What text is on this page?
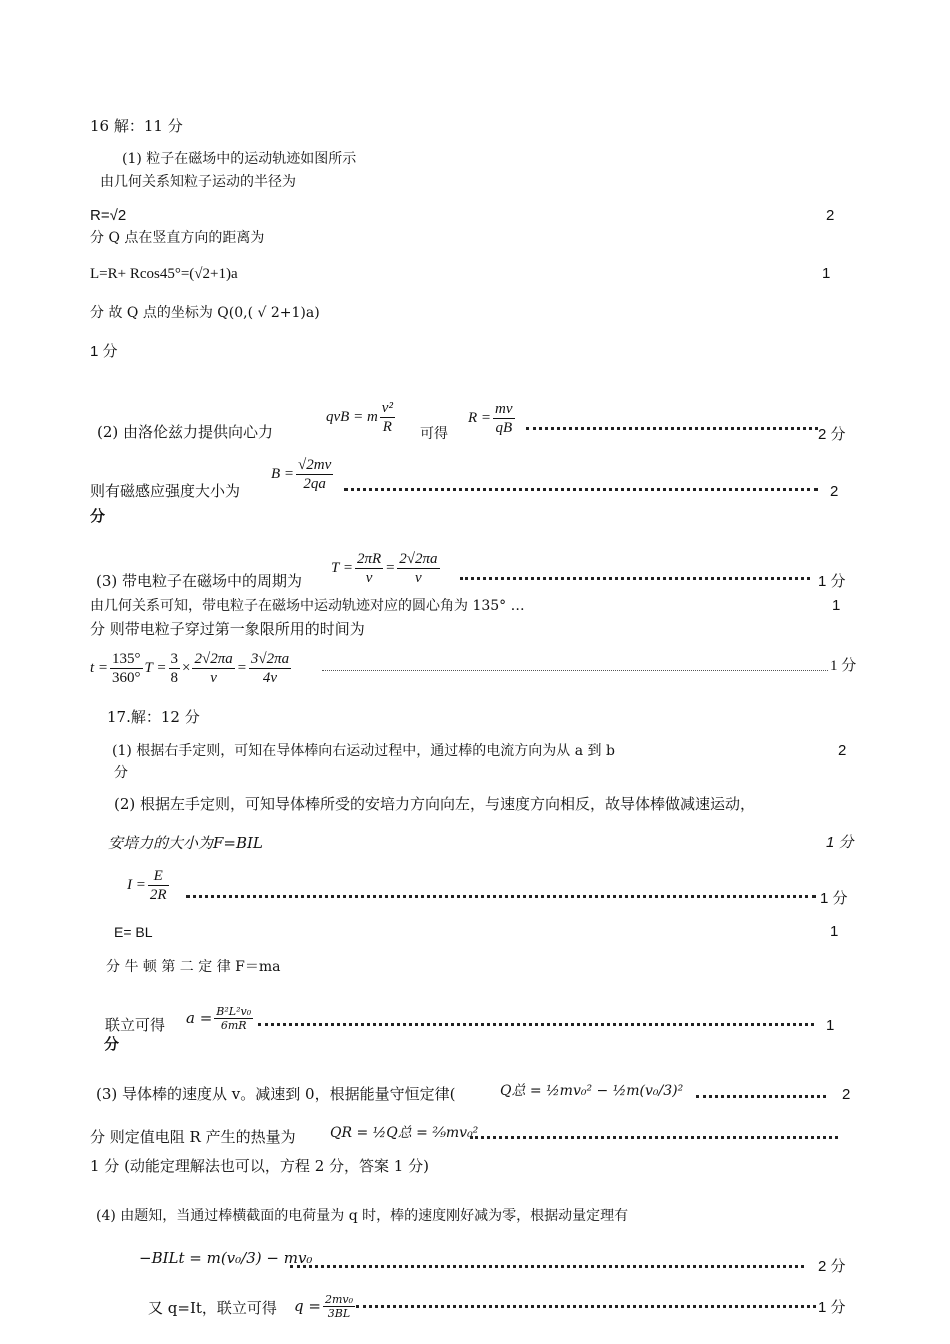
16 解：11 分
(1) 粒子在磁场中的运动轨迹如图所示
由几何关系知粒子运动的半径为
R=√2	2
分 Q 点在竖直方向的距离为
L=R+ Rcos45°=(√2+1)a	1
分 故 Q 点的坐标为 Q(0,( √ 2+1)a)
1 分
(2) 由洛伦兹力提供向心力
qvB = m $\frac{\text{v²}}{R}$ 可得
$R = \frac{mv}{qB}$	2 分
$B = \frac{√2mv}{2qa}$
则有磁感应强度大小为	2
分
$T = \frac{2\pi R}{v} = \frac{2√2\pi a}{v}$
(3) 带电粒子在磁场中的周期为	1 分
由几何关系可知，带电粒子在磁场中运动轨迹对应的圆心角为 135° …	1
分 则带电粒子穿过第一象限所用的时间为
$t = \frac{135^\circ}{360^\circ}$ $T = \frac{3}{8} \times \frac{2√2\pi a}{v} = \frac{3√2\pi a}{4v}$	1 分
17.解：12 分
(1) 根据右手定则，可知在导体棒向右运动过程中，通过棒的电流方向为从 a 到 b	2
分
(2) 根据左手定则，可知导体棒所受的安培力方向向左，与速度方向相反，故导体棒做减速运动，
安培力的大小为F=BIL	1 分
$I = \frac{E}{2R}$	1 分
E= BL	1
分 牛 顿 第 二 定 律 F＝ma
联立可得 $a = \frac{\text{B²L²v₀}}{6mR}$	1
分
(3) 导体棒的速度从 v。减速到 0，根据能量守恒定律(	Q总 = ½mv₀² − ½m(v₀/3)²	2
分 则定值电阻 R 产生的热量为 QR = ½Q总 = ²⁄₉mv₀²
1 分 (动能定理解法也可以，方程 2 分，答案 1 分)
(4) 由题知，当通过棒横截面的电荷量为 q 时，棒的速度刚好减为零，根据动量定理有
−BILt = m(v₀/3) − mv₀	2 分
又 q=It，联立可得 $q = \frac{\text{2mv₀}}{3BL}$	1 分
